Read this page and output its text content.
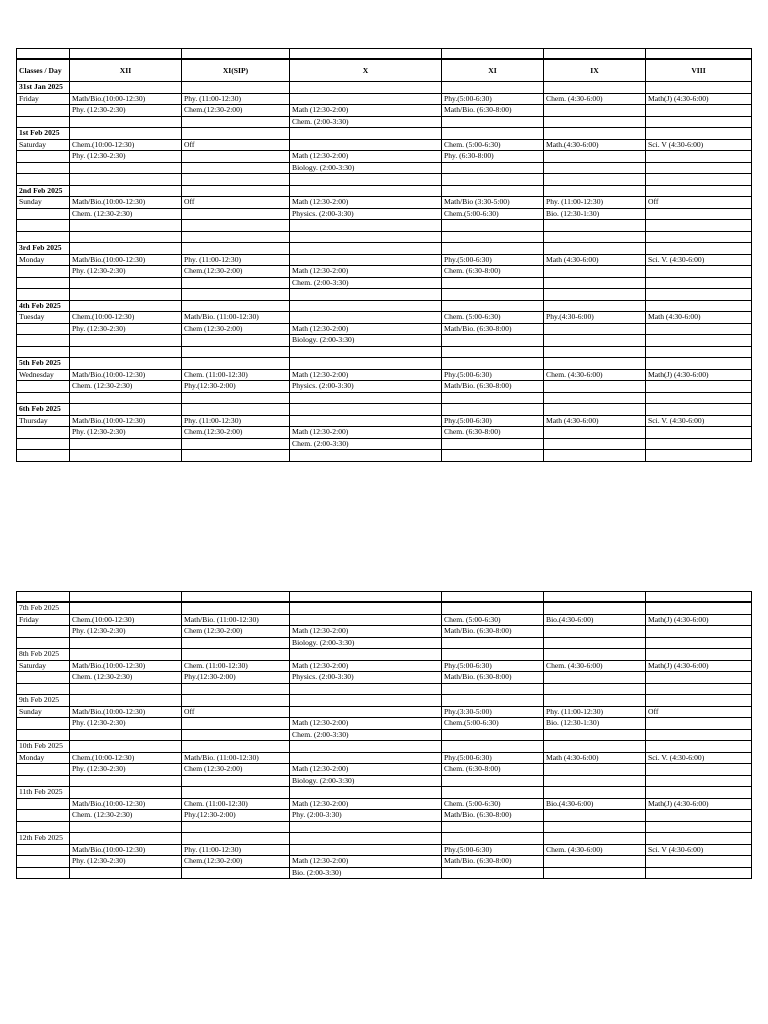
Classes / Day	XII	XI(SIP)	X	XI	IX	VIII
31st Jan 2025						
Friday	Math/Bio.(10:00-12:30)	Phy. (11:00-12:30)		Phy.(5:00-6:30)	Chem. (4:30-6:00)	Math(J) (4:30-6:00)
	Phy. (12:30-2:30)	Chem.(12:30-2:00)	Math (12:30-2:00)	Math/Bio. (6:30-8:00)		
			Chem. (2:00-3:30)			
1st Feb 2025						
Saturday	Chem.(10:00-12:30)	Off		Chem. (5:00-6:30)	Math.(4:30-6:00)	Sci. V (4:30-6:00)
	Phy. (12:30-2:30)		Math (12:30-2:00)	Phy. (6:30-8:00)		
			Biology. (2:00-3:30)			

2nd Feb 2025						
Sunday	Math/Bio.(10:00-12:30)	Off	Math (12:30-2:00)	Math/Bio (3:30-5:00)	Phy. (11:00-12:30)	Off
	Chem. (12:30-2:30)		Physics. (2:00-3:30)	Chem.(5:00-6:30)	Bio. (12:30-1:30)	

3rd Feb 2025						
Monday	Math/Bio.(10:00-12:30)	Phy. (11:00-12:30)		Phy.(5:00-6:30)	Math (4:30-6:00)	Sci. V. (4:30-6:00)
	Phy. (12:30-2:30)	Chem.(12:30-2:00)	Math (12:30-2:00)	Chem. (6:30-8:00)		
			Chem. (2:00-3:30)			

4th Feb 2025						
Tuesday	Chem.(10:00-12:30)	Math/Bio. (11:00-12:30)		Chem. (5:00-6:30)	Phy.(4:30-6:00)	Math (4:30-6:00)
	Phy. (12:30-2:30)	Chem (12:30-2:00)	Math (12:30-2:00)	Math/Bio. (6:30-8:00)		
			Biology. (2:00-3:30)			

5th Feb 2025						
Wednesday	Math/Bio.(10:00-12:30)	Chem. (11:00-12:30)	Math (12:30-2:00)	Phy.(5:00-6:30)	Chem. (4:30-6:00)	Math(J) (4:30-6:00)
	Chem. (12:30-2:30)	Phy.(12:30-2:00)	Physics. (2:00-3:30)	Math/Bio. (6:30-8:00)		

6th Feb 2025						
Thursday	Math/Bio.(10:00-12:30)	Phy. (11:00-12:30)		Phy.(5:00-6:30)	Math (4:30-6:00)	Sci. V. (4:30-6:00)
	Phy. (12:30-2:30)	Chem.(12:30-2:00)	Math (12:30-2:00)	Chem. (6:30-8:00)		
			Chem. (2:00-3:30)			

7th Feb 2025						
Friday	Chem.(10:00-12:30)	Math/Bio. (11:00-12:30)		Chem. (5:00-6:30)	Bio.(4:30-6:00)	Math(J) (4:30-6:00)
	Phy. (12:30-2:30)	Chem (12:30-2:00)	Math (12:30-2:00)	Math/Bio. (6:30-8:00)		
			Biology. (2:00-3:30)			
8th Feb 2025						
Saturday	Math/Bio.(10:00-12:30)	Chem. (11:00-12:30)	Math (12:30-2:00)	Phy.(5:00-6:30)	Chem. (4:30-6:00)	Math(J) (4:30-6:00)
	Chem. (12:30-2:30)	Phy.(12:30-2:00)	Physics. (2:00-3:30)	Math/Bio. (6:30-8:00)		

9th Feb 2025						
Sunday	Math/Bio.(10:00-12:30)	Off		Phy.(3:30-5:00)	Phy. (11:00-12:30)	Off
	Phy. (12:30-2:30)		Math (12:30-2:00)	Chem.(5:00-6:30)	Bio. (12:30-1:30)	
			Chem. (2:00-3:30)			
10th Feb 2025						
Monday	Chem.(10:00-12:30)	Math/Bio. (11:00-12:30)		Phy.(5:00-6:30)	Math (4:30-6:00)	Sci. V. (4:30-6:00)
	Phy. (12:30-2:30)	Chem (12:30-2:00)	Math (12:30-2:00)	Chem. (6:30-8:00)		
			Biology. (2:00-3:30)			
11th Feb 2025						
	Math/Bio.(10:00-12:30)	Chem. (11:00-12:30)	Math (12:30-2:00)	Chem. (5:00-6:30)	Bio.(4:30-6:00)	Math(J) (4:30-6:00)
	Chem. (12:30-2:30)	Phy.(12:30-2:00)	Phy. (2:00-3:30)	Math/Bio. (6:30-8:00)		

12th Feb 2025						
	Math/Bio.(10:00-12:30)	Phy. (11:00-12:30)		Phy.(5:00-6:30)	Chem. (4:30-6:00)	Sci. V (4:30-6:00)
	Phy. (12:30-2:30)	Chem.(12:30-2:00)	Math (12:30-2:00)	Math/Bio. (6:30-8:00)		
			Bio. (2:00-3:30)			
